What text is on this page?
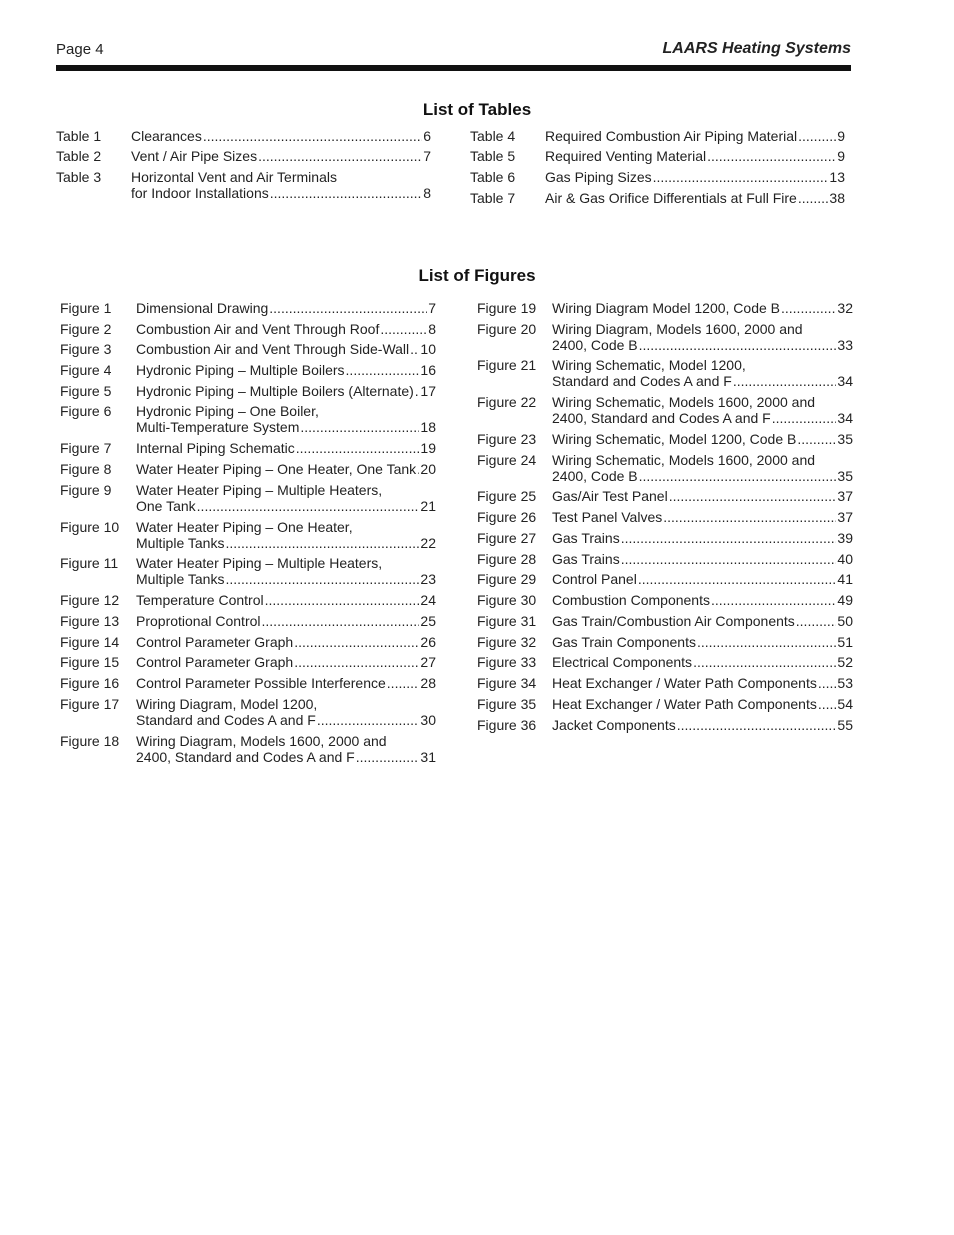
Page 4	LAARS Heating Systems
List of Tables
Table 1 Clearances .....	6
Table 2 Vent / Air Pipe Sizes .....	7
Table 3 Horizontal Vent and Air Terminals
for Indoor Installations .....	8
Table 4 Required Combustion Air Piping Material .....	9
Table 5 Required Venting Material .....	9
Table 6 Gas Piping Sizes .....	13
Table 7 Air & Gas Orifice Differentials at Full Fire ..... 38
List of Figures
Figure 1 Dimensional Drawing .....	7
Figure 2 Combustion Air and Vent Through Roof .....	8
Figure 3 Combustion Air and Vent Through Side-Wall ..... 10
Figure 4 Hydronic Piping – Multiple Boilers .....	16
Figure 5 Hydronic Piping – Multiple Boilers (Alternate) ..... 17
Figure 6 Hydronic Piping – One Boiler,
Multi-Temperature System .....	18
Figure 7 Internal Piping Schematic .....	19
Figure 8 Water Heater Piping – One Heater, One Tank ..... 20
Figure 9 Water Heater Piping – Multiple Heaters,
One Tank .....	21
Figure 10 Water Heater Piping – One Heater,
Multiple Tanks .....	22
Figure 11 Water Heater Piping – Multiple Heaters,
Multiple Tanks .....	23
Figure 12 Temperature Control .....	24
Figure 13 Proprotional Control .....	25
Figure 14 Control Parameter Graph .....	26
Figure 15 Control Parameter Graph .....	27
Figure 16 Control Parameter Possible Interference ..... 28
Figure 17 Wiring Diagram, Model 1200,
Standard and Codes A and F .....	30
Figure 18 Wiring Diagram, Models 1600, 2000 and
2400, Standard and Codes A and F .....	31
Figure 19 Wiring Diagram Model 1200, Code B .....	32
Figure 20 Wiring Diagram, Models 1600, 2000 and
2400, Code B .....	33
Figure 21 Wiring Schematic, Model 1200,
Standard and Codes A and F .....	34
Figure 22 Wiring Schematic, Models 1600, 2000 and
2400, Standard and Codes A and F .....	34
Figure 23 Wiring Schematic, Model 1200, Code B .....	35
Figure 24 Wiring Schematic, Models 1600, 2000 and
2400, Code B .....	35
Figure 25 Gas/Air Test Panel .....	37
Figure 26 Test Panel Valves .....	37
Figure 27 Gas Trains .....	39
Figure 28 Gas Trains .....	40
Figure 29 Control Panel .....	41
Figure 30 Combustion Components .....	49
Figure 31 Gas Train/Combustion Air Components .....	50
Figure 32 Gas Train Components .....	51
Figure 33 Electrical Components .....	52
Figure 34 Heat Exchanger / Water Path Components ..... 53
Figure 35 Heat Exchanger / Water Path Components ..... 54
Figure 36 Jacket Components .....	55
